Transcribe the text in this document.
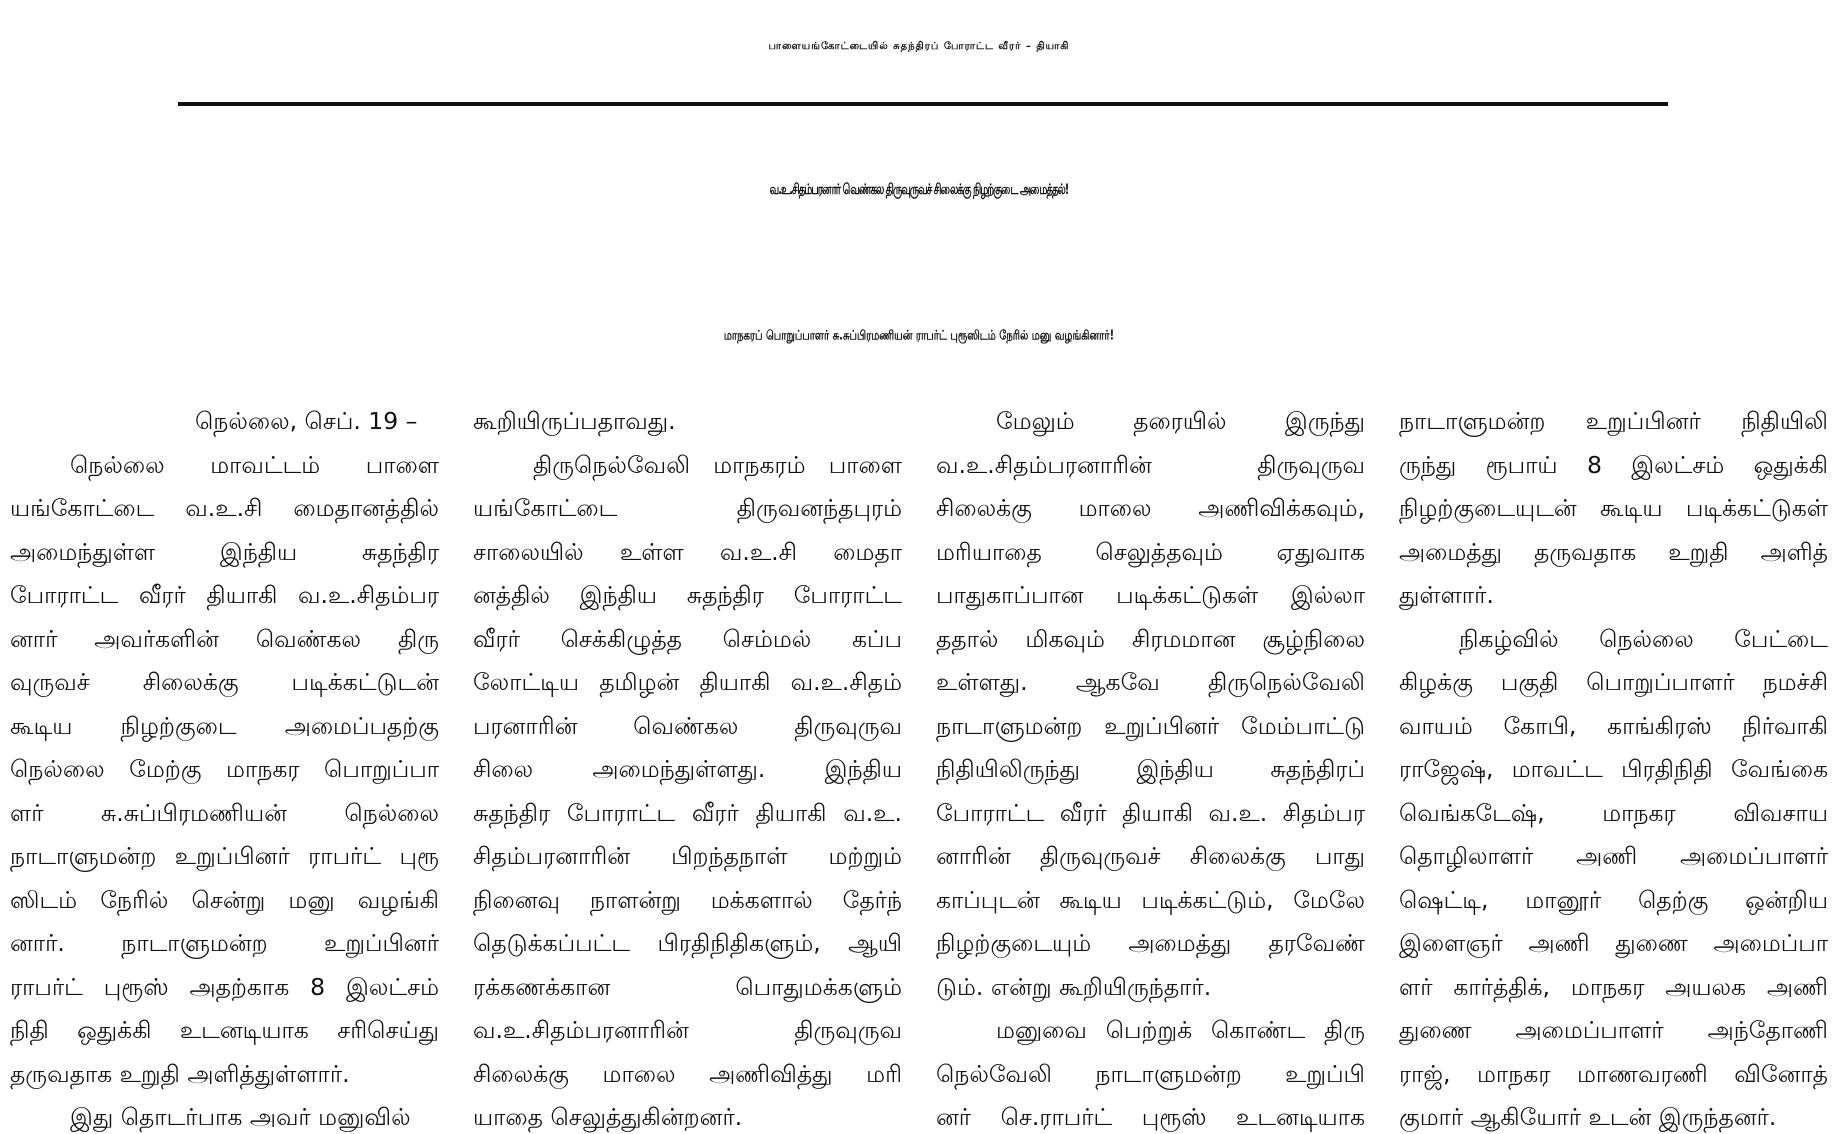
பாளையங்கோட்டையில் சுதந்திரப் போராட்ட வீரர் – தியாகி
வ.உ.சிதம்பரனார் வெண்கல திருவுருவச் சிலைக்கு நிழற்குடை அமைத்தல்!
மாநகரப் பொறுப்பாளர் சு.சுப்பிரமணியன் ராபர்ட் புரூஸிடம் நேரில் மனு வழங்கினார்!
நெல்லை, செப். 19 –
நெல்லை மாவட்டம் பாளை
யங்கோட்டை வ.உ.சி மைதானத்தில்
அமைந்துள்ள இந்திய சுதந்திர
போராட்ட வீரர் தியாகி வ.உ.சிதம்பர
னார் அவர்களின் வெண்கல திரு
வுருவச் சிலைக்கு படிக்கட்டுடன்
கூடிய நிழற்குடை அமைப்பதற்கு
நெல்லை மேற்கு மாநகர பொறுப்பா
ளர் சு.சுப்பிரமணியன் நெல்லை
நாடாளுமன்ற உறுப்பினர் ராபர்ட் புரூ
ஸிடம் நேரில் சென்று மனு வழங்கி
னார். நாடாளுமன்ற உறுப்பினர்
ராபர்ட் புரூஸ் அதற்காக 8 இலட்சம்
நிதி ஒதுக்கி உடனடியாக சரிசெய்து
தருவதாக உறுதி அளித்துள்ளார்.
இது தொடர்பாக அவர் மனுவில்
கூறியிருப்பதாவது.
திருநெல்வேலி மாநகரம் பாளை
யங்கோட்டை திருவனந்தபுரம்
சாலையில் உள்ள வ.உ.சி மைதா
னத்தில் இந்திய சுதந்திர போராட்ட
வீரர் செக்கிழுத்த செம்மல் கப்ப
லோட்டிய தமிழன் தியாகி வ.உ.சிதம்
பரனாரின் வெண்கல திருவுருவ
சிலை அமைந்துள்ளது. இந்திய
சுதந்திர போராட்ட வீரர் தியாகி வ.உ.
சிதம்பரனாரின் பிறந்தநாள் மற்றும்
நினைவு நாளன்று மக்களால் தேர்ந்
தெடுக்கப்பட்ட பிரதிநிதிகளும், ஆயி
ரக்கணக்கான பொதுமக்களும்
வ.உ.சிதம்பரனாரின் திருவுருவ
சிலைக்கு மாலை அணிவித்து மரி
யாதை செலுத்துகின்றனர்.
மேலும் தரையில் இருந்து
வ.உ.சிதம்பரனாரின் திருவுருவ
சிலைக்கு மாலை அணிவிக்கவும்,
மரியாதை செலுத்தவும் ஏதுவாக
பாதுகாப்பான படிக்கட்டுகள் இல்லா
ததால் மிகவும் சிரமமான சூழ்நிலை
உள்ளது. ஆகவே திருநெல்வேலி
நாடாளுமன்ற உறுப்பினர் மேம்பாட்டு
நிதியிலிருந்து இந்திய சுதந்திரப்
போராட்ட வீரர் தியாகி வ.உ. சிதம்பர
னாரின் திருவுருவச் சிலைக்கு பாது
காப்புடன் கூடிய படிக்கட்டும், மேலே
நிழற்குடையும் அமைத்து தரவேண்
டும். என்று கூறியிருந்தார்.
மனுவை பெற்றுக் கொண்ட திரு
நெல்வேலி நாடாளுமன்ற உறுப்பி
னர் செ.ராபர்ட் புரூஸ் உடனடியாக
நாடாளுமன்ற உறுப்பினர் நிதியிலி
ருந்து ரூபாய் 8 இலட்சம் ஒதுக்கி
நிழற்குடையுடன் கூடிய படிக்கட்டுகள்
அமைத்து தருவதாக உறுதி அளித்
துள்ளார்.
நிகழ்வில் நெல்லை பேட்டை
கிழக்கு பகுதி பொறுப்பாளர் நமச்சி
வாயம் கோபி, காங்கிரஸ் நிர்வாகி
ராஜேஷ், மாவட்ட பிரதிநிதி வேங்கை
வெங்கடேஷ், மாநகர விவசாய
தொழிலாளர் அணி அமைப்பாளர்
ஷெட்டி, மானூர் தெற்கு ஒன்றிய
இளைஞர் அணி துணை அமைப்பா
ளர் கார்த்திக், மாநகர அயலக அணி
துணை அமைப்பாளர் அந்தோணி
ராஜ், மாநகர மாணவரணி வினோத்
குமார் ஆகியோர் உடன் இருந்தனர்.
